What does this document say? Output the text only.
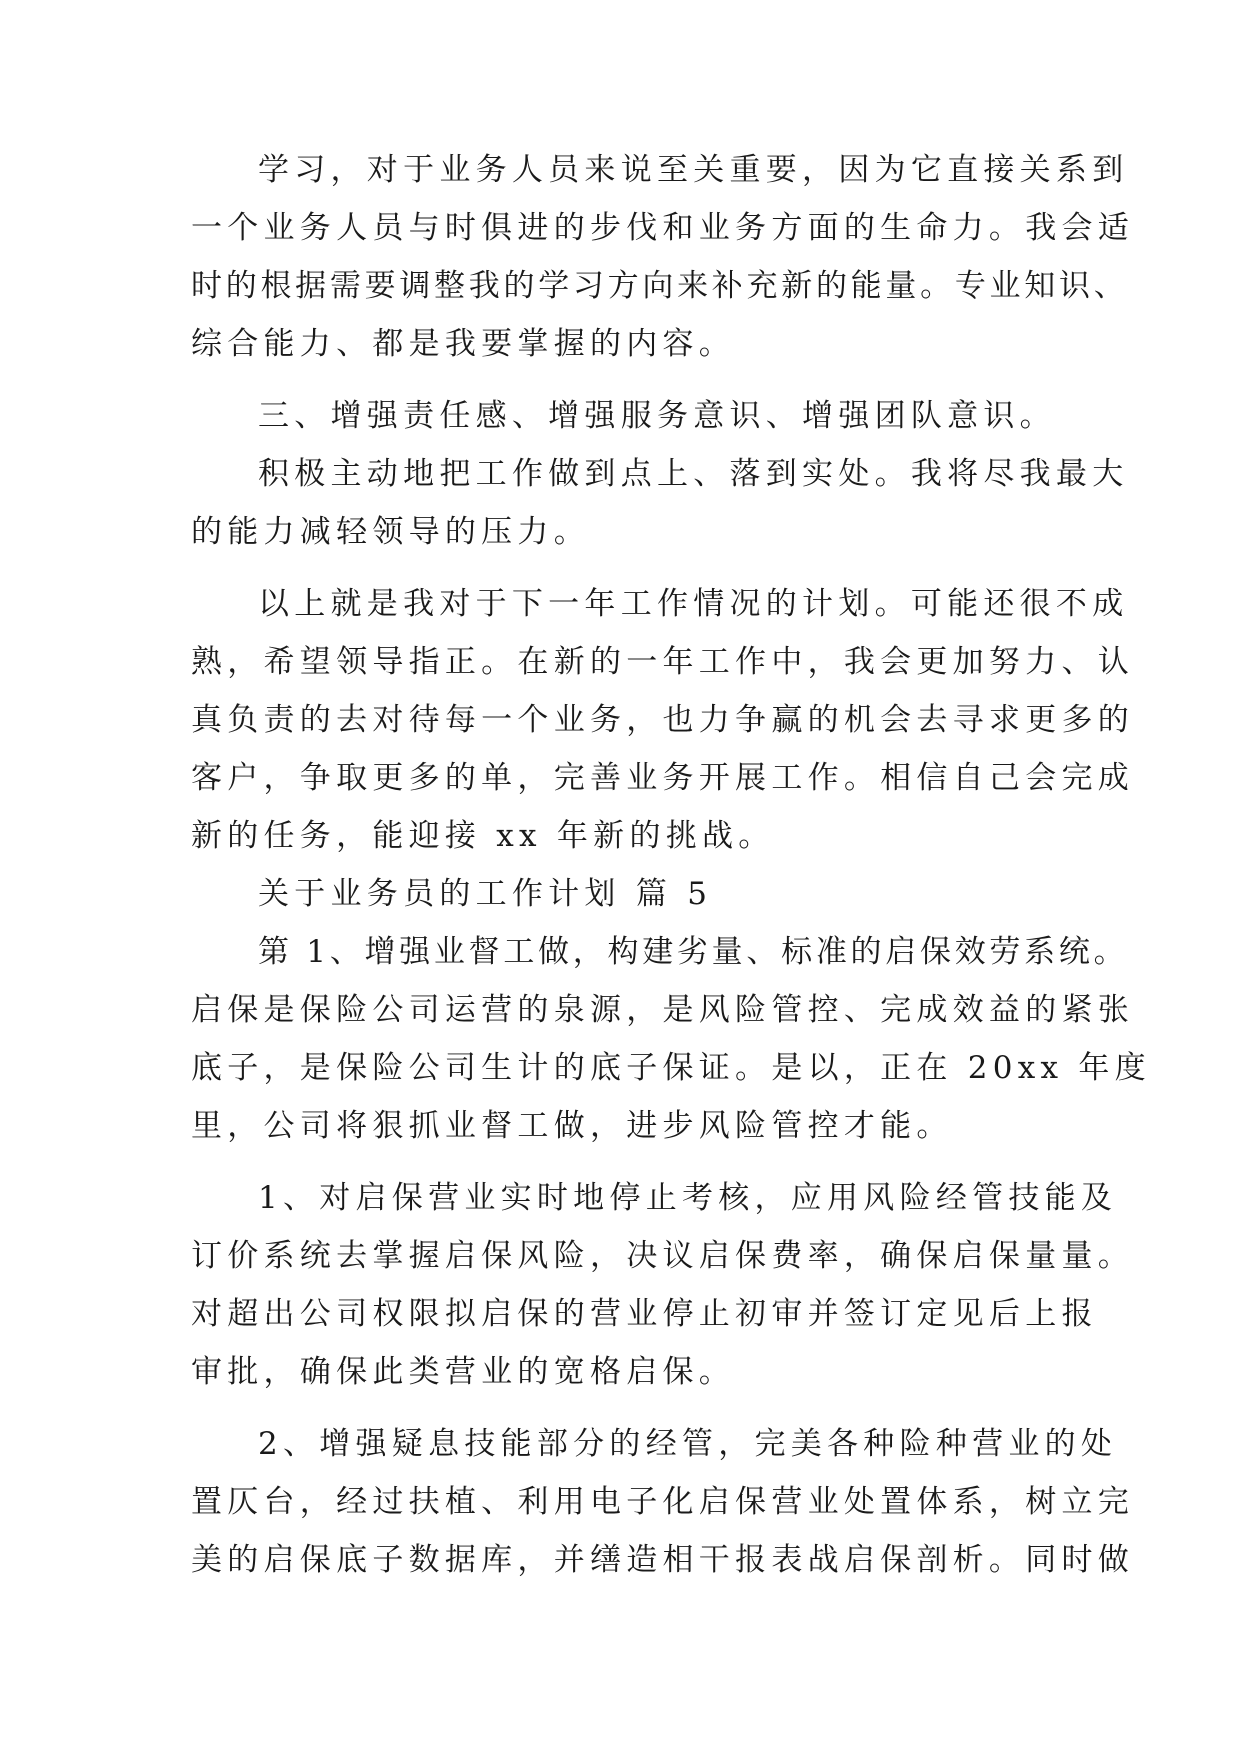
学习，对于业务人员来说至关重要，因为它直接关系到

一个业务人员与时俱进的步伐和业务方面的生命力。我会适

时的根据需要调整我的学习方向来补充新的能量。专业知识、

综合能力、都是我要掌握的内容。

三、增强责任感、增强服务意识、增强团队意识。

积极主动地把工作做到点上、落到实处。我将尽我最大

的能力减轻领导的压力。

以上就是我对于下一年工作情况的计划。可能还很不成

熟，希望领导指正。在新的一年工作中，我会更加努力、认

真负责的去对待每一个业务，也力争赢的机会去寻求更多的

客户，争取更多的单，完善业务开展工作。相信自己会完成

新的任务，能迎接 xx 年新的挑战。

关于业务员的工作计划 篇 5

第 1、增强业督工做，构建劣量、标准的启保效劳系统。

启保是保险公司运营的泉源，是风险管控、完成效益的紧张

底子，是保险公司生计的底子保证。是以，正在 20xx 年度

里，公司将狠抓业督工做，进步风险管控才能。

1、对启保营业实时地停止考核，应用风险经管技能及

订价系统去掌握启保风险，决议启保费率，确保启保量量。

对超出公司权限拟启保的营业停止初审并签订定见后上报

审批，确保此类营业的宽格启保。

2、增强疑息技能部分的经管，完美各种险种营业的处

置仄台，经过扶植、利用电子化启保营业处置体系，树立完

美的启保底子数据库，并缮造相干报表战启保剖析。同时做
